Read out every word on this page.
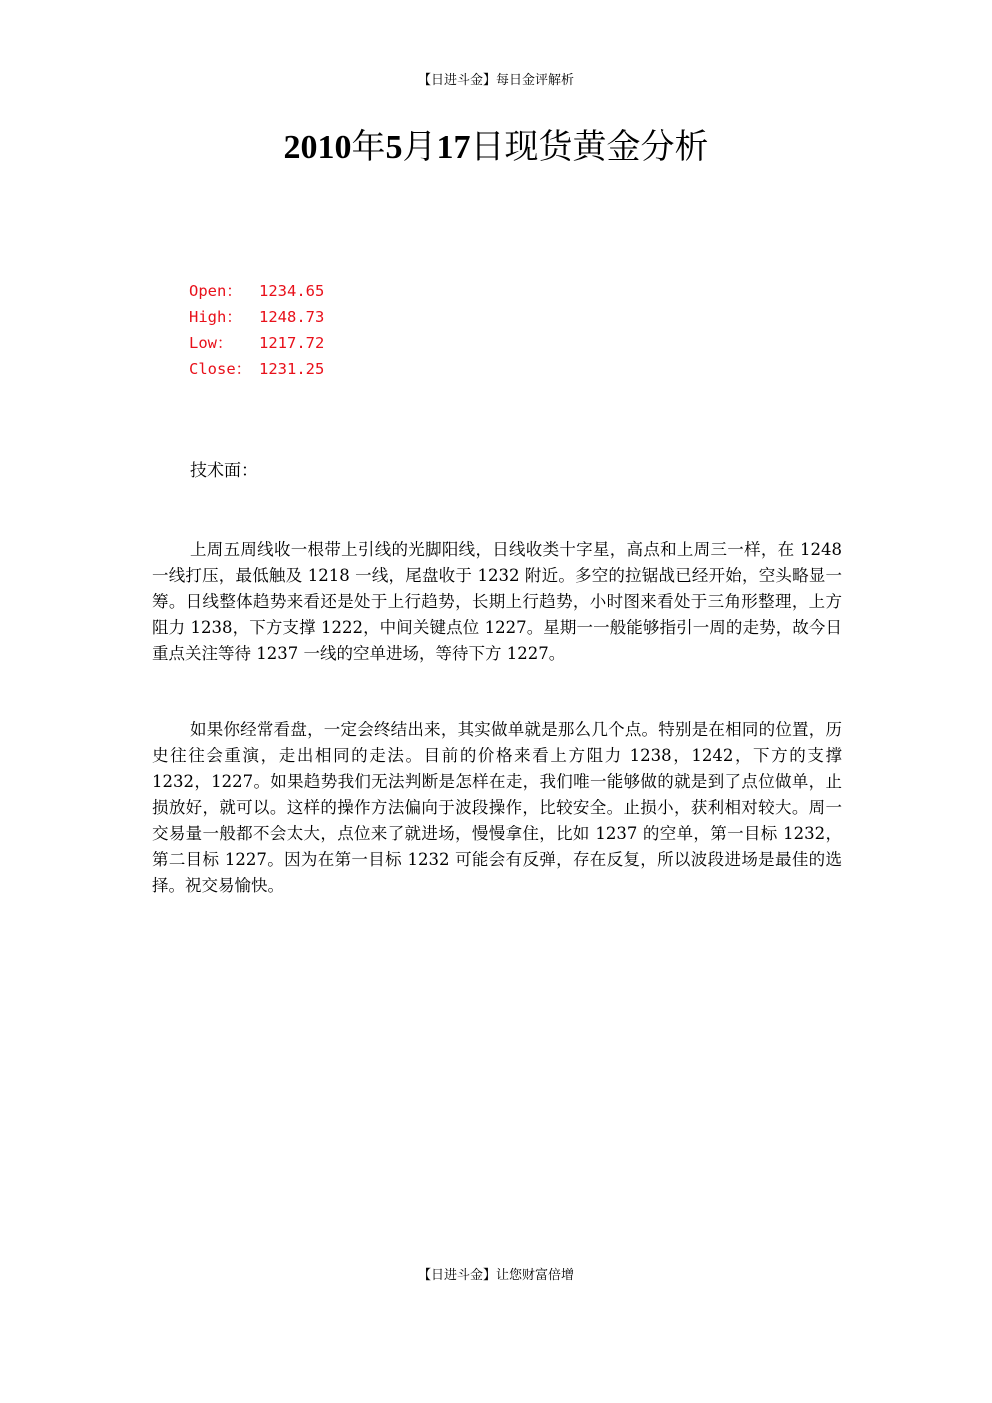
【日进斗金】每日金评解析
2010年5月17日现货黄金分析
Open：	1234.65
High：	1248.73
Low：	1217.72
Close： 1231.25
技术面：

上周五周线收一根带上引线的光脚阳线，日线收类十字星，高点和上周三一样，在 1248 一线打压，最低触及 1218 一线，尾盘收于 1232 附近。多空的拉锯战已经开始，空头略显一筹。日线整体趋势来看还是处于上行趋势，长期上行趋势，小时图来看处于三角形整理，上方阻力 1238，下方支撑 1222，中间关键点位 1227。星期一一般能够指引一周的走势，故今日重点关注等待 1237 一线的空单进场，等待下方 1227。

如果你经常看盘，一定会终结出来，其实做单就是那么几个点。特别是在相同的位置，历史往往会重演，走出相同的走法。目前的价格来看上方阻力 1238，1242，下方的支撑 1232，1227。如果趋势我们无法判断是怎样在走，我们唯一能够做的就是到了点位做单，止损放好，就可以。这样的操作方法偏向于波段操作，比较安全。止损小，获利相对较大。周一交易量一般都不会太大，点位来了就进场，慢慢拿住，比如 1237 的空单，第一目标 1232，第二目标 1227。因为在第一目标 1232 可能会有反弹，存在反复，所以波段进场是最佳的选择。祝交易愉快。

【日进斗金】让您财富倍增
